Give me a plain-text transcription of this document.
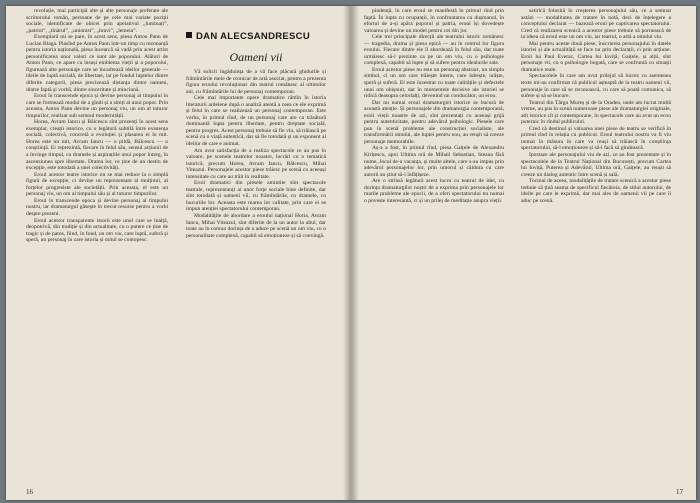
revoluție, mai participă alte și alte personaje preferate ale scriitorului român, persoane de pe cele mai variate poziții sociale, identificate de obicei prin apelativul „luminați”, „patriot”, „tînărul”, „unionist”, „bravi”, „lemeia”.

Exemplară mi se pare, în acest sens, piesa Anton Pann de Lucian Blaga. Plasînd pe Anton Pann într-un timp cu rezonanță pentru istoria națională, piesa încearcă să vadă prin acest artist personificarea unor valori ce sunt ale poporului. Alături de Anton Pann, ce apare ca însuși emblema vieții și a poporului, figurează alte personaje care se încadrează ideilor generale — ideile de luptă socială, de libertate, iar pe fondul luptelor dintre diferite categorii, piesa precizează distanța dintre oameni, dintre faptă și vorbă, dintre sinceritate și minciună.

Eroul în transcende epoca și devine personaj al timpului în care se formează modul de a gîndi și a simți al unui popor. Prin aceasta, Anton Pann devine un personaj viu, un om al tuturor timpurilor, realizat sub semnul modernității.

Horea, Avram Iancu și Bălcescu sînt prezenți în acest sens exemplar, creații istorice, cu o legătură subtilă între existența socială, colectivă, concretă a evoluției și plasarea ei în mit. Horea este un mit, Avram Iancu — o pildă, Bălcescu — o conștiință. Ei reprezintă, fiecare în felul său, sensul acțiunii de a învinge timpul, cu dramele și aspirațiile unui popor întreg, în ascensiunea spre libertate. Drama lor, ce ține de un destin de excepție, este totodată a unei colectivități.

Eroul acestor teatre istorice nu se mai reduce la o simplă figură de excepție, ci devine un reprezentant al mulțimii, al forțelor progresiste ale societății. Prin aceasta, el este un personaj viu, un om al timpului său și al tuturor timpurilor.

Eroul în transcende epoca și devine personaj al timpului nostru, iar dramaturgul găsește în trecut resurse pentru a vorbi despre prezent.

Eroul acestor transparente istorii este unul care se înalță, deopotrivă, din tradiție și din actualitate, cu o putere ce ține de tragic și de patos, fiind, în fond, un om viu, care luptă, suferă și speră, un personaj în care istoria și mitul se contopesc.

DAN ALECSANDRESCU
Oameni vii

Vă solicit îngăduința de a vă face plăcută ghidurile și frămîntările mele de cronicar de artă asociat, pentru a prezenta figura eroului revoluționar din teatrul românesc al ultimilor ani, cu frămîntările lui de personaj contemporan.

Cele mai importante opere dramatice rămîn în istoria literaturii ardelene după o analiză atentă a ceea ce ele exprimă și felul în care se realizează un personaj contemporan. Este vorba, în primul rînd, de un personaj care are ca trăsătură dominantă lupta pentru libertate, pentru dreptate socială, pentru progres. Acest personaj trebuie să fie viu, să trăiască pe scenă cu o viață autentică, dar să fie totodată și un exponent al ideilor de care e animat.

Am avut satisfacția de a realiza spectacole ce au pus în valoare, pe scenele teatrelor noastre, lucrări cu o tematică istorică, precum Horea, Avram Iancu, Bălcescu, Mihai Viteazul. Personajele acestor piese trăiesc pe scenă cu aceeași intensitate cu care au trăit în realitate.

Eroii dramatici din piesele amintite sînt spectacole teatrale, reprezentanți ai unor forțe sociale bine definite, dar sînt totodată și oameni vii, cu frămîntările, cu dramele, cu bucuriile lor. Aceasta este marea lor calitate, prin care ei se impun atenției spectatorului contemporan.

Modalitățile de abordare a eroului național Horia, Avram Iancu, Mihai Viteazul, sînt diferite de la un autor la altul, dar toate au în comun dorința de a aduce pe scenă un om viu, cu o personalitate complexă, capabil să emoționeze și să convingă.

pindență, în care eroul se manifestă în primul rînd prin faptă. În lupta cu ocupanții, în confruntarea cu dușmanul, în efortul de a-și apăra poporul și patria, eroul își dovedește valoarea și devine un model pentru cei din jur.

Cele trei principale direcții ale teatrului istoric românesc — tragedia, drama și piesa epică — au în centrul lor figura eroului. Fiecare dintre ele îl abordează în felul său, dar toate urmăresc să-l prezinte ca pe un om viu, cu o psihologie complexă, capabil să lupte și să sufere pentru idealurile sale.

Eroul acestor piese nu este un personaj abstract, un simplu simbol, ci un om care trăiește intens, care iubește, urăște, speră și suferă. El este înzestrat cu toate calitățile și defectele unui om obișnuit, dar în momentele decisive ale istoriei se ridică deasupra celorlalți, devenind un conducător, un erou.

Dar nu numai eroul dramaturgiei istorice se bucură de această atenție. Și personajele din dramaturgia contemporană, eroii vieții noastre de azi, sînt prezentați cu aceeași grijă pentru autenticitate, pentru adevărul psihologic. Piesele care pun în scenă probleme ale construcției socialiste, ale transformării omului, ale luptei pentru nou, au reușit să creeze personaje memorabile.

Aș-a a fost, în primul rînd, piesa Gaițele de Alexandru Kirițescu, apoi Ultima oră de Mihail Sebastian, Steaua fără nume, Jocul de-a vacanța, și multe altele, care s-au impus prin adevărul personajelor lor, prin umorul și căldura cu care autorii au știut să-i înfățișeze.

Are o strînsă legătură acest lucru cu teatrul de idei, cu dorința dramaturgilor noștri de a exprima prin personajele lor marile probleme ale epocii, de a oferi spectatorului nu numai o poveste interesantă, ci și un prilej de meditație asupra vieții.

satirică folosită în creșterea personajului său, ce a semnat astăzi — modalitatea de tratare în notă, deci de înțelegere a conceptului declarat — bazează eroul pe captivarea spectatorului. Cred că realizarea scenică a acestor piese trebuie să pornească de la ideea că eroul este un om viu, iar teatrul, o artă a omului viu.

Mai pentru aceste două piese, înscrierea personajului în datele istoriei și ale actualității se face nu prin declarații, ci prin acțiune. Eroii lui Paul Everac, Cartea lui Ioviță, Gaițele, și alții, sînt personaje vii, cu o psihologie bogată, care se confruntă cu situații dramatice reale.

Spectacolele în care am avut prilejul să lucrez cu asemenea texte mi-au confirmat că publicul așteaptă de la teatru oameni vii, personaje în care să se recunoască, cu care să poată comunica, să sufere și să se bucure.

Teatrul din Târgu Mureș și de la Oradea, unde am lucrat multă vreme, au pus în scenă numeroase piese ale dramaturgiei originale, atît istorice cît și contemporane, în spectacole care au avut un ecou puternic în rîndul publicului.

Cred că destinul și valoarea unei piese de teatru se verifică în primul rînd în relația cu publicul. Eroul teatrului nostru va fi viu numai în măsura în care va reuși să trăiască în conștiința spectatorului, să-l emoționeze și să-l facă să gîndească.

Ipostaze ale personajului viu de azi, ce au fost prezentate și în spectacolele de la Teatrul Național din București, precum Cartea lui Ioviță, Puterea și Adevărul, Ultima oră, Gaițele, au reușit să creeze un dialog autentic între scenă și sală.

Tocmai de aceea, modalitățile de tratare scenică a acestor piese trebuie să țină seama de specificul fiecăreia, de stilul autorului, de ideile pe care le exprimă, dar mai ales de oamenii vii pe care îi aduc pe scenă.

16	17
